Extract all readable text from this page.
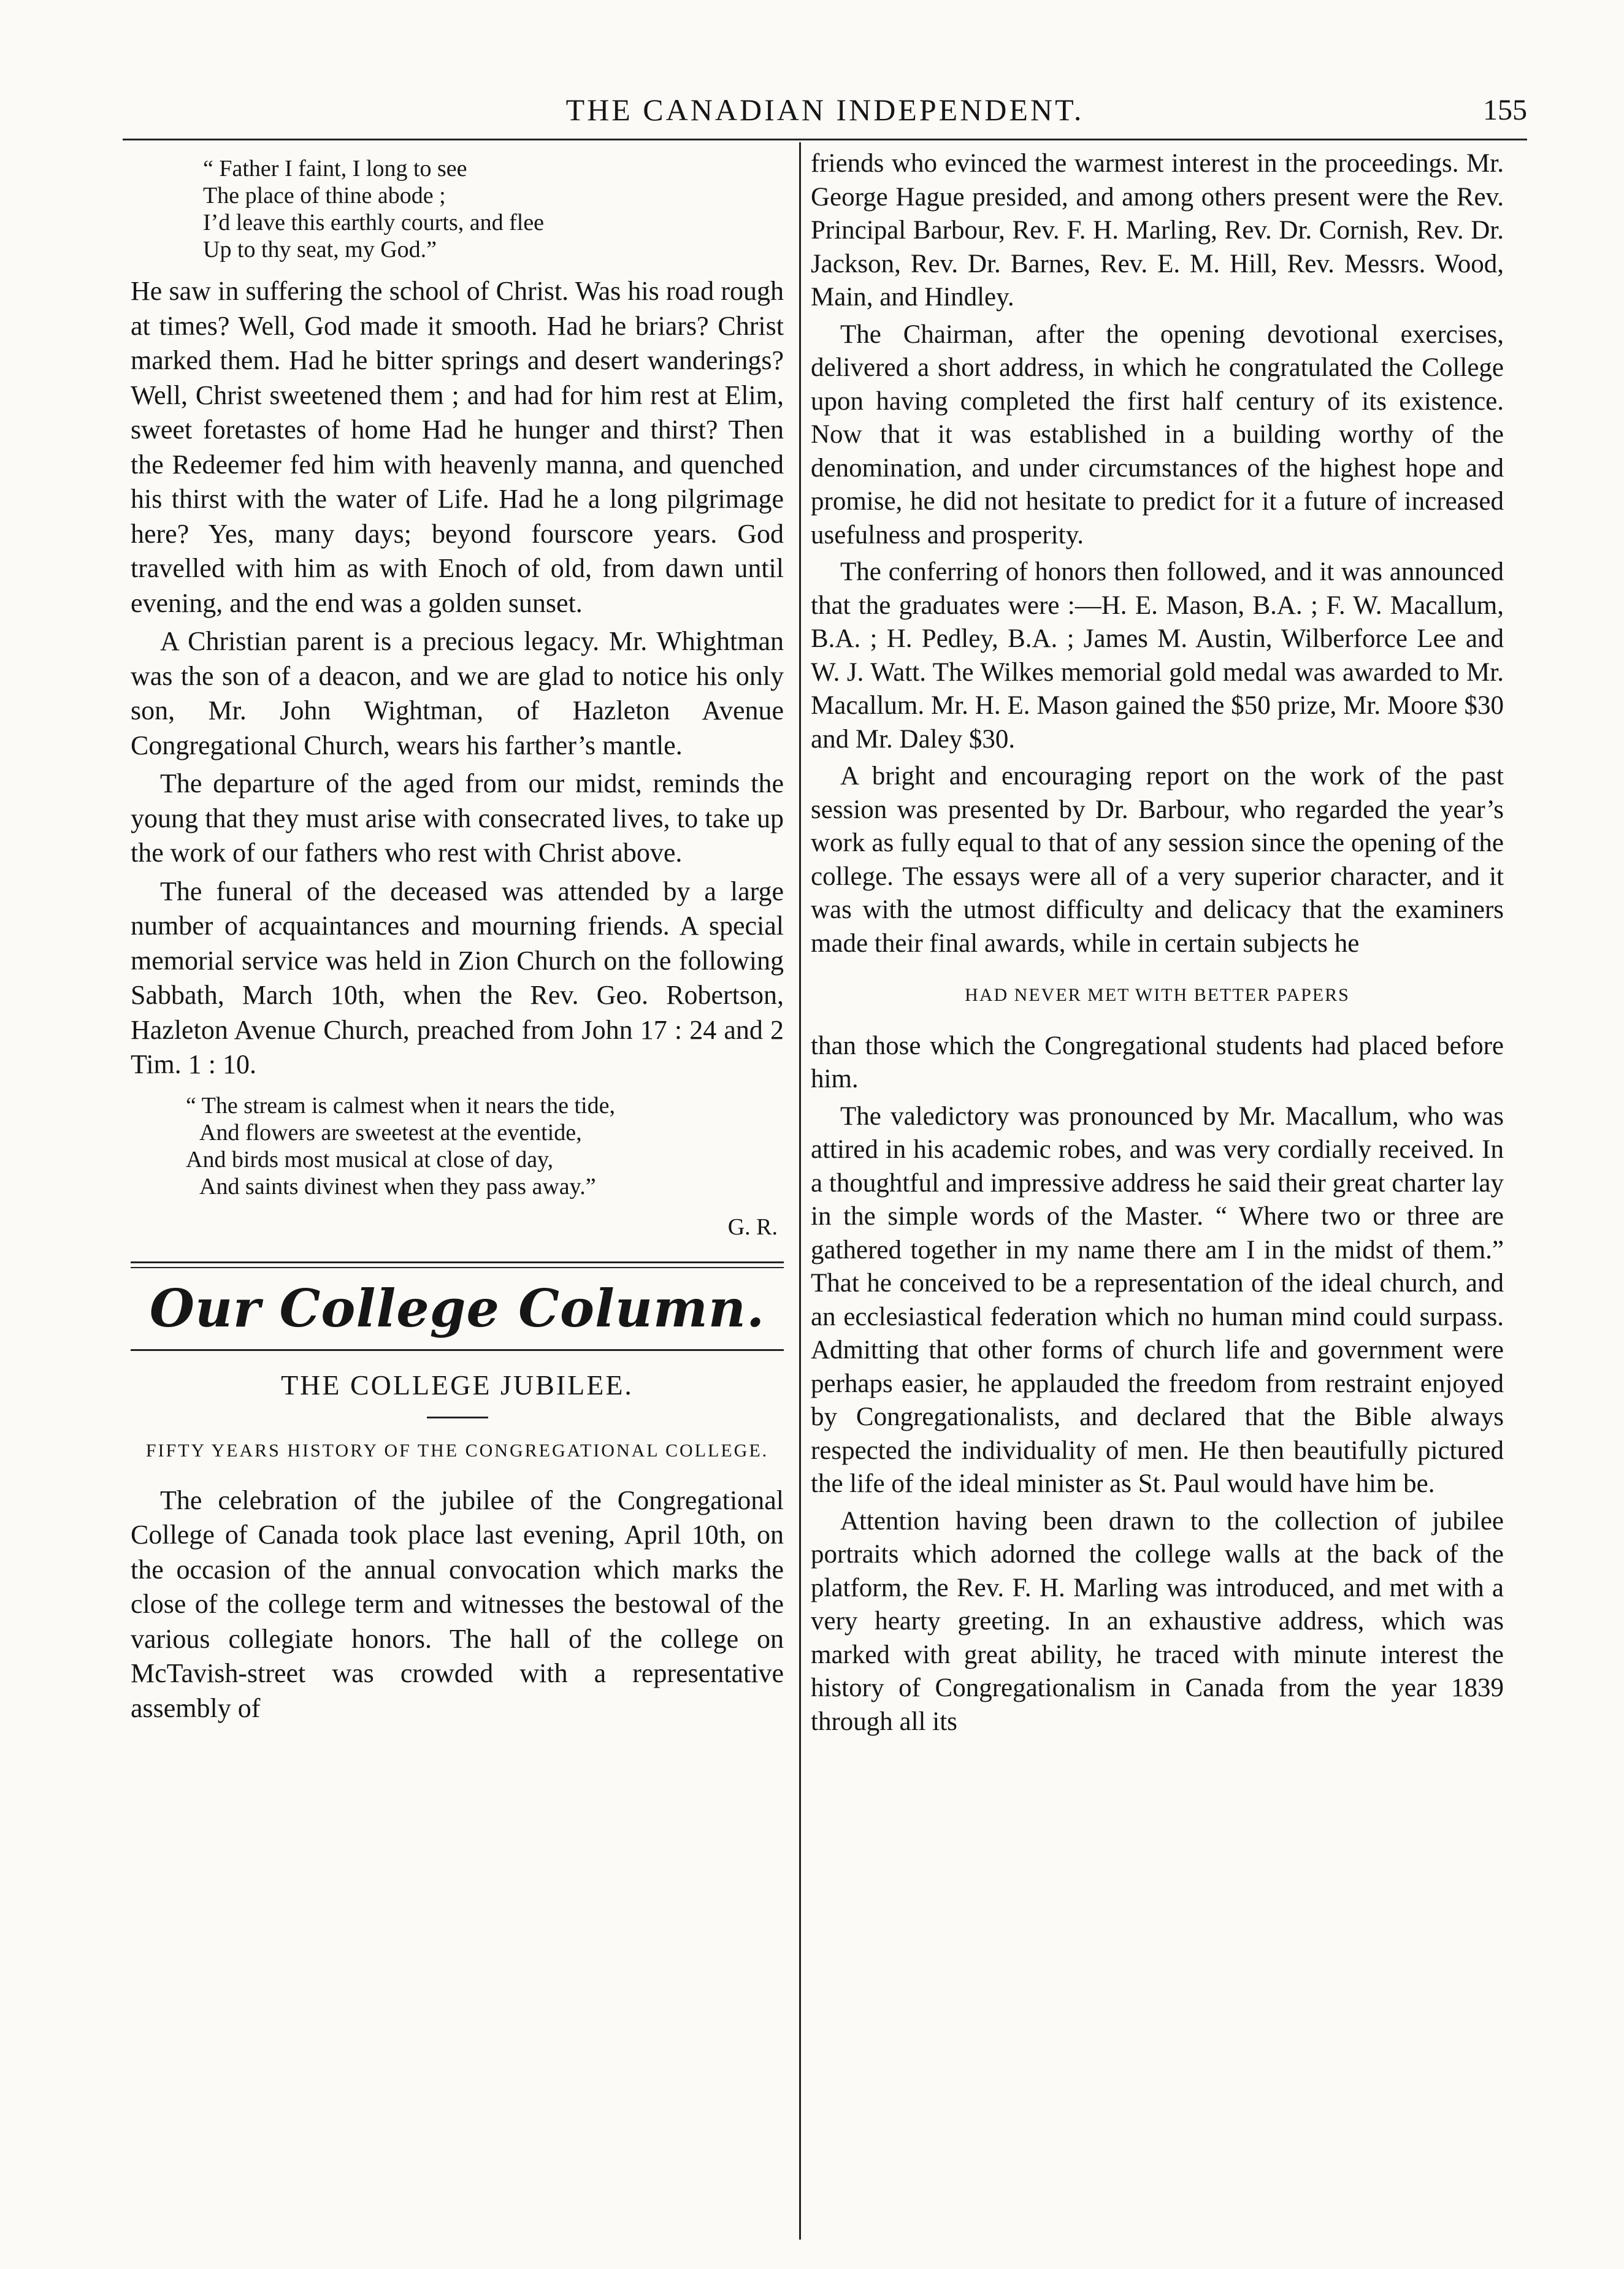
THE CANADIAN INDEPENDENT.	155
“ Father I faint, I long to see
The place of thine abode ;
I’d leave this earthly courts, and flee
Up to thy seat, my God.”

He saw in suffering the school of Christ. Was his road rough at times? Well, God made it smooth. Had he briars? Christ marked them. Had he bitter springs and desert wanderings? Well, Christ sweetened them ; and had for him rest at Elim, sweet foretastes of home Had he hunger and thirst? Then the Redeemer fed him with heavenly manna, and quenched his thirst with the water of Life. Had he a long pilgrimage here? Yes, many days; beyond fourscore years. God travelled with him as with Enoch of old, from dawn until evening, and the end was a golden sunset.

A Christian parent is a precious legacy. Mr. Whightman was the son of a deacon, and we are glad to notice his only son, Mr. John Wightman, of Hazleton Avenue Congregational Church, wears his farther’s mantle.

The departure of the aged from our midst, reminds the young that they must arise with consecrated lives, to take up the work of our fathers who rest with Christ above.

The funeral of the deceased was attended by a large number of acquaintances and mourning friends. A special memorial service was held in Zion Church on the following Sabbath, March 10th, when the Rev. Geo. Robertson, Hazleton Avenue Church, preached from John 17 : 24 and 2 Tim. 1 : 10.

“ The stream is calmest when it nears the tide,
And flowers are sweetest at the eventide,
And birds most musical at close of day,
And saints divinest when they pass away.”
G. R.
Our College Column.
THE COLLEGE JUBILEE.
FIFTY YEARS HISTORY OF THE CONGREGATIONAL COLLEGE.

The celebration of the jubilee of the Congregational College of Canada took place last evening, April 10th, on the occasion of the annual convocation which marks the close of the college term and witnesses the bestowal of the various collegiate honors. The hall of the college on McTavish-street was crowded with a representative assembly of

friends who evinced the warmest interest in the proceedings. Mr. George Hague presided, and among others present were the Rev. Principal Barbour, Rev. F. H. Marling, Rev. Dr. Cornish, Rev. Dr. Jackson, Rev. Dr. Barnes, Rev. E. M. Hill, Rev. Messrs. Wood, Main, and Hindley.

The Chairman, after the opening devotional exercises, delivered a short address, in which he congratulated the College upon having completed the first half century of its existence. Now that it was established in a building worthy of the denomination, and under circumstances of the highest hope and promise, he did not hesitate to predict for it a future of increased usefulness and prosperity.

The conferring of honors then followed, and it was announced that the graduates were :—H. E. Mason, B.A. ; F. W. Macallum, B.A. ; H. Pedley, B.A. ; James M. Austin, Wilberforce Lee and W. J. Watt. The Wilkes memorial gold medal was awarded to Mr. Macallum. Mr. H. E. Mason gained the $50 prize, Mr. Moore $30 and Mr. Daley $30.

A bright and encouraging report on the work of the past session was presented by Dr. Barbour, who regarded the year’s work as fully equal to that of any session since the opening of the college. The essays were all of a very superior character, and it was with the utmost difficulty and delicacy that the examiners made their final awards, while in certain subjects he

HAD NEVER MET WITH BETTER PAPERS

than those which the Congregational students had placed before him.

The valedictory was pronounced by Mr. Macallum, who was attired in his academic robes, and was very cordially received. In a thoughtful and impressive address he said their great charter lay in the simple words of the Master. “ Where two or three are gathered together in my name there am I in the midst of them.” That he conceived to be a representation of the ideal church, and an ecclesiastical federation which no human mind could surpass. Admitting that other forms of church life and government were perhaps easier, he applauded the freedom from restraint enjoyed by Congregationalists, and declared that the Bible always respected the individuality of men. He then beautifully pictured the life of the ideal minister as St. Paul would have him be.

Attention having been drawn to the collection of jubilee portraits which adorned the college walls at the back of the platform, the Rev. F. H. Marling was introduced, and met with a very hearty greeting. In an exhaustive address, which was marked with great ability, he traced with minute interest the history of Congregationalism in Canada from the year 1839 through all its
